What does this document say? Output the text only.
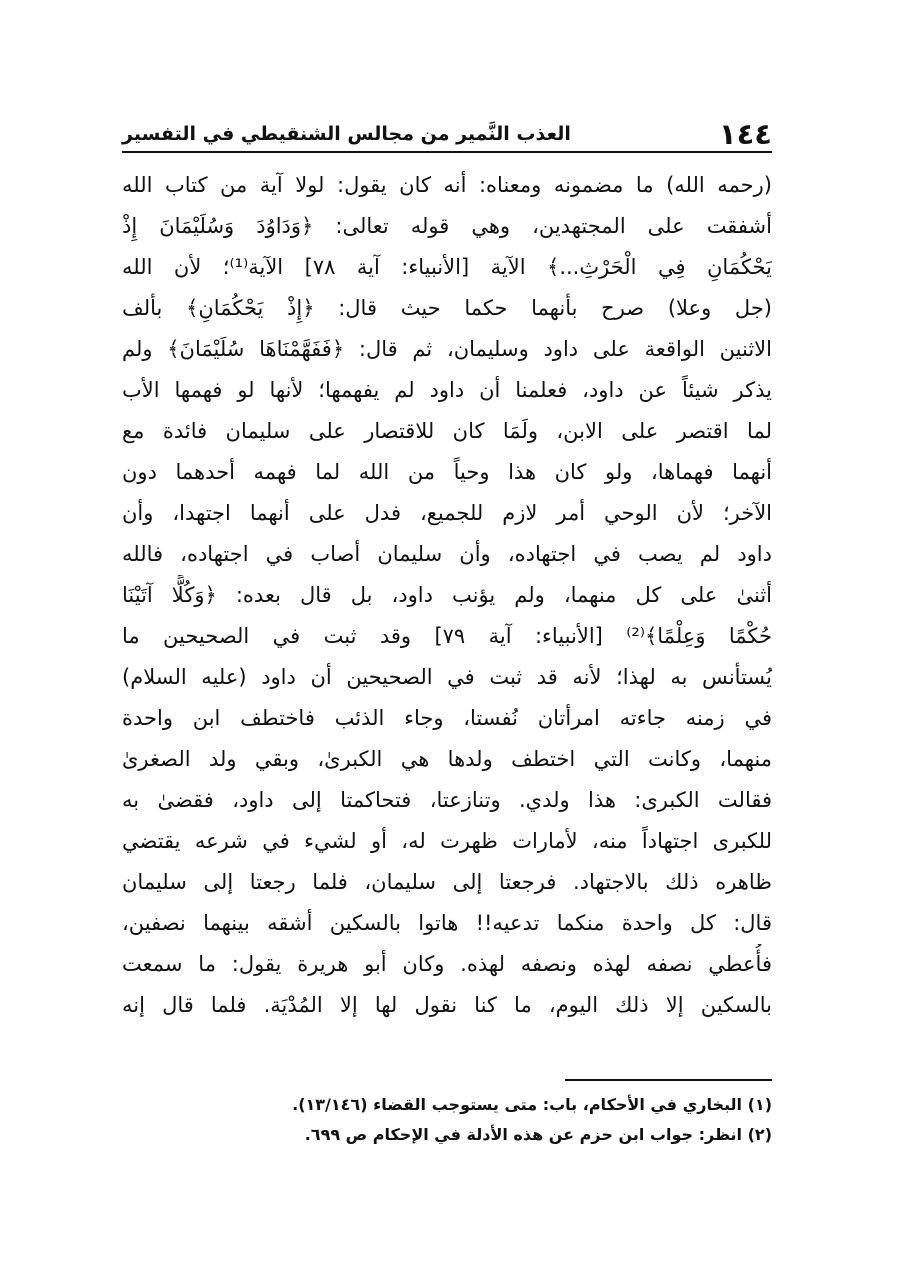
١٤٤
العذب النَّمير من مجالس الشنقيطي في التفسير
(رحمه الله) ما مضمونه ومعناه: أنه كان يقول: لولا آية من كتاب الله
أشفقت على المجتهدين، وهي قوله تعالى: ﴿وَدَاوُدَ وَسُلَيْمَانَ إِذْ
يَحْكُمَانِ فِي الْحَرْثِ...﴾ الآية [الأنبياء: آية ٧٨] الآية⁽¹⁾؛ لأن الله
(جل وعلا) صرح بأنهما حكما حيث قال: ﴿إِذْ يَحْكُمَانِ﴾ بألف
الاثنين الواقعة على داود وسليمان، ثم قال: ﴿فَفَهَّمْنَاهَا سُلَيْمَانَ﴾ ولم
يذكر شيئاً عن داود، فعلمنا أن داود لم يفهمها؛ لأنها لو فهمها الأب
لما اقتصر على الابن، ولَمَا كان للاقتصار على سليمان فائدة مع
أنهما فهماها، ولو كان هذا وحياً من الله لما فهمه أحدهما دون
الآخر؛ لأن الوحي أمر لازم للجميع، فدل على أنهما اجتهدا، وأن
داود لم يصب في اجتهاده، وأن سليمان أصاب في اجتهاده، فالله
أثنىٰ على كل منهما، ولم يؤنب داود، بل قال بعده: ﴿وَكُلًّا آتَيْنَا
حُكْمًا وَعِلْمًا﴾⁽²⁾ [الأنبياء: آية ٧٩] وقد ثبت في الصحيحين ما
يُستأنس به لهذا؛ لأنه قد ثبت في الصحيحين أن داود (عليه السلام)
في زمنه جاءته امرأتان نُفستا، وجاء الذئب فاختطف ابن واحدة
منهما، وكانت التي اختطف ولدها هي الكبرىٰ، وبقي ولد الصغرىٰ
فقالت الكبرى: هذا ولدي. وتنازعتا، فتحاكمتا إلى داود، فقضىٰ به
للكبرى اجتهاداً منه، لأمارات ظهرت له، أو لشيء في شرعه يقتضي
ظاهره ذلك بالاجتهاد. فرجعتا إلى سليمان، فلما رجعتا إلى سليمان
قال: كل واحدة منكما تدعيه!! هاتوا بالسكين أشقه بينهما نصفين،
فأُعطي نصفه لهذه ونصفه لهذه. وكان أبو هريرة يقول: ما سمعت
بالسكين إلا ذلك اليوم، ما كنا نقول لها إلا المُدْيَة. فلما قال إنه
(١) البخاري في الأحكام، باب: متى يستوجب القضاء (١٣/١٤٦).
(٢) انظر: جواب ابن حزم عن هذه الأدلة في الإحكام ص ٦٩٩.
